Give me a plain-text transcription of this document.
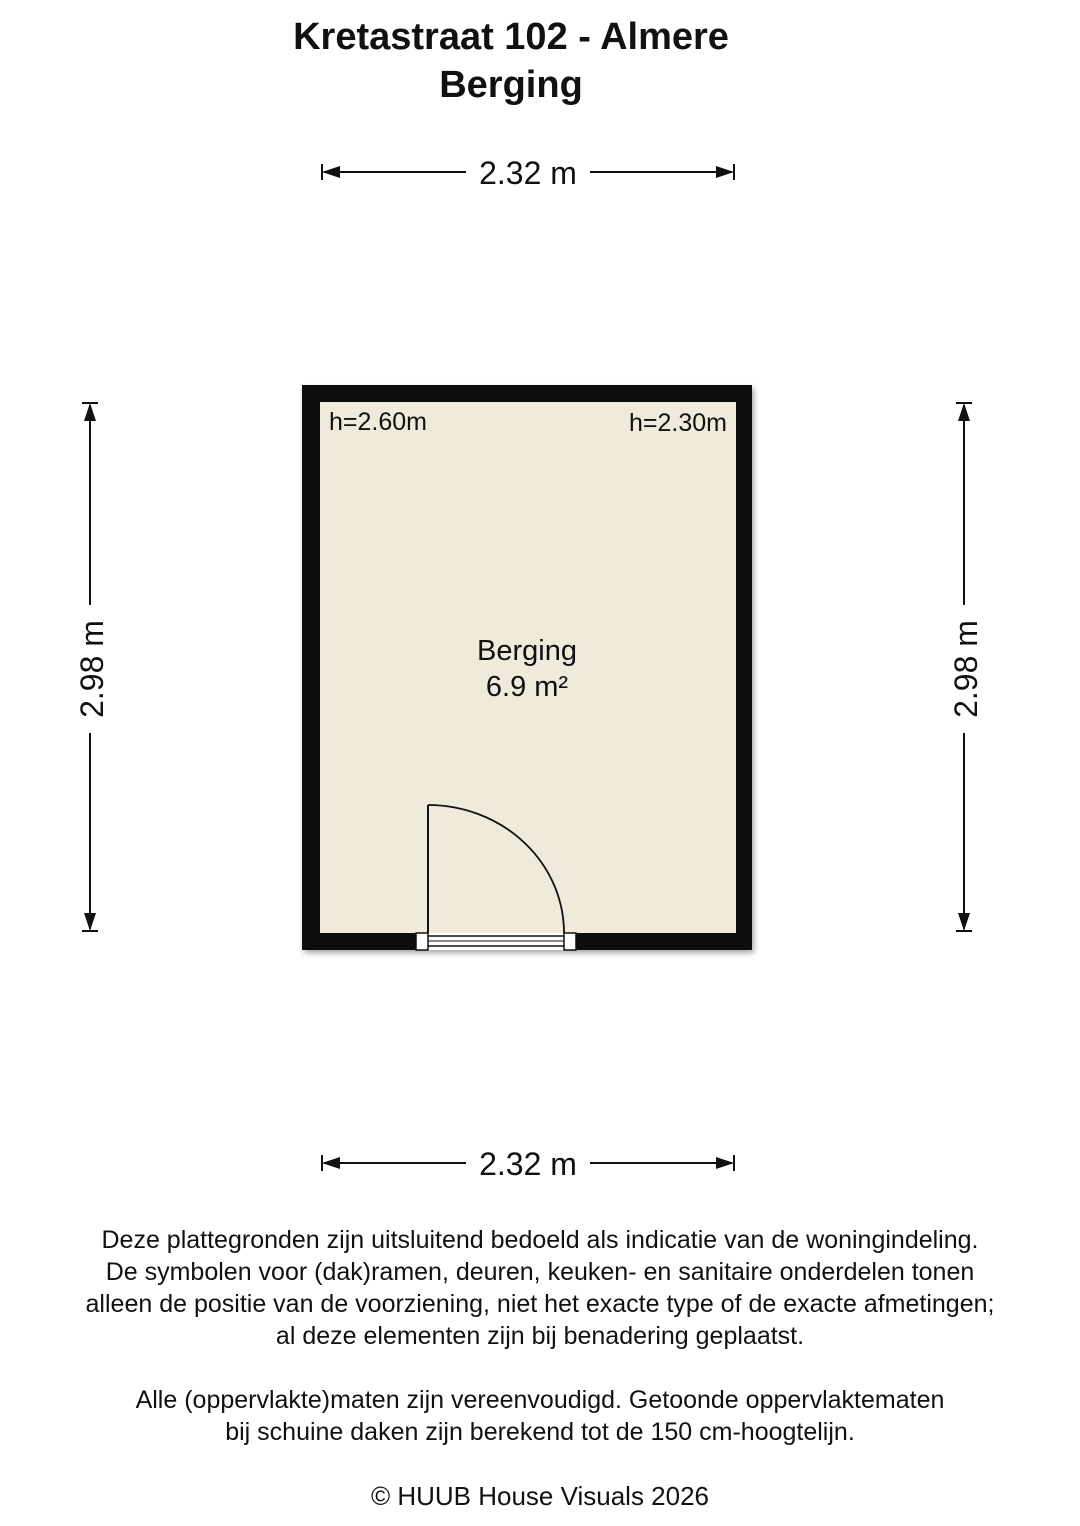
Kretastraat 102 - Almere
Berging
2.32 m
2.98 m	2.98 m
h=2.60m	h=2.30m
Berging
6.9 m²
2.32 m

Deze plattegronden zijn uitsluitend bedoeld als indicatie van de woningindeling.

De symbolen voor (dak)ramen, deuren, keuken- en sanitaire onderdelen tonen

alleen de positie van de voorziening, niet het exacte type of de exacte afmetingen;

al deze elementen zijn bij benadering geplaatst.

Alle (oppervlakte)maten zijn vereenvoudigd. Getoonde oppervlaktematen

bij schuine daken zijn berekend tot de 150 cm-hoogtelijn.

© HUUB House Visuals 2026
